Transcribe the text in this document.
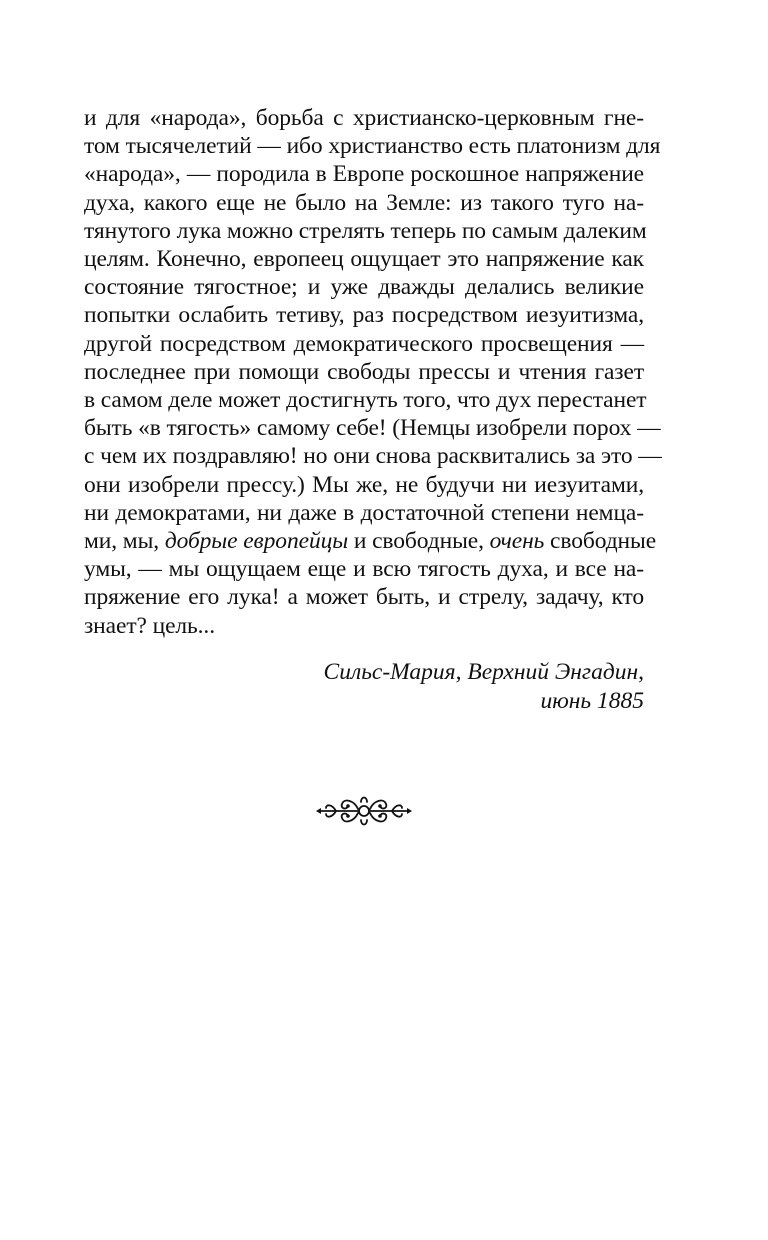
и для «народа», борьба с христианско-церковным гне-
том тысячелетий — ибо христианство есть платонизм для
«народа», — породила в Европе роскошное напряжение
духа, какого еще не было на Земле: из такого туго на-
тянутого лука можно стрелять теперь по самым далеким
целям. Конечно, европеец ощущает это напряжение как
состояние тягостное; и уже дважды делались великие
попытки ослабить тетиву, раз посредством иезуитизма,
другой посредством демократического просвещения —
последнее при помощи свободы прессы и чтения газет
в самом деле может достигнуть того, что дух перестанет
быть «в тягость» самому себе! (Немцы изобрели порох —
с чем их поздравляю! но они снова расквитались за это —
они изобрели прессу.) Мы же, не будучи ни иезуитами,
ни демократами, ни даже в достаточной степени немца-
ми, мы, добрые европейцы и свободные, очень свободные
умы, — мы ощущаем еще и всю тягость духа, и все на-
пряжение его лука! а может быть, и стрелу, задачу, кто
знает? цель...
Сильс-Мария, Верхний Энгадин,
июнь 1885
